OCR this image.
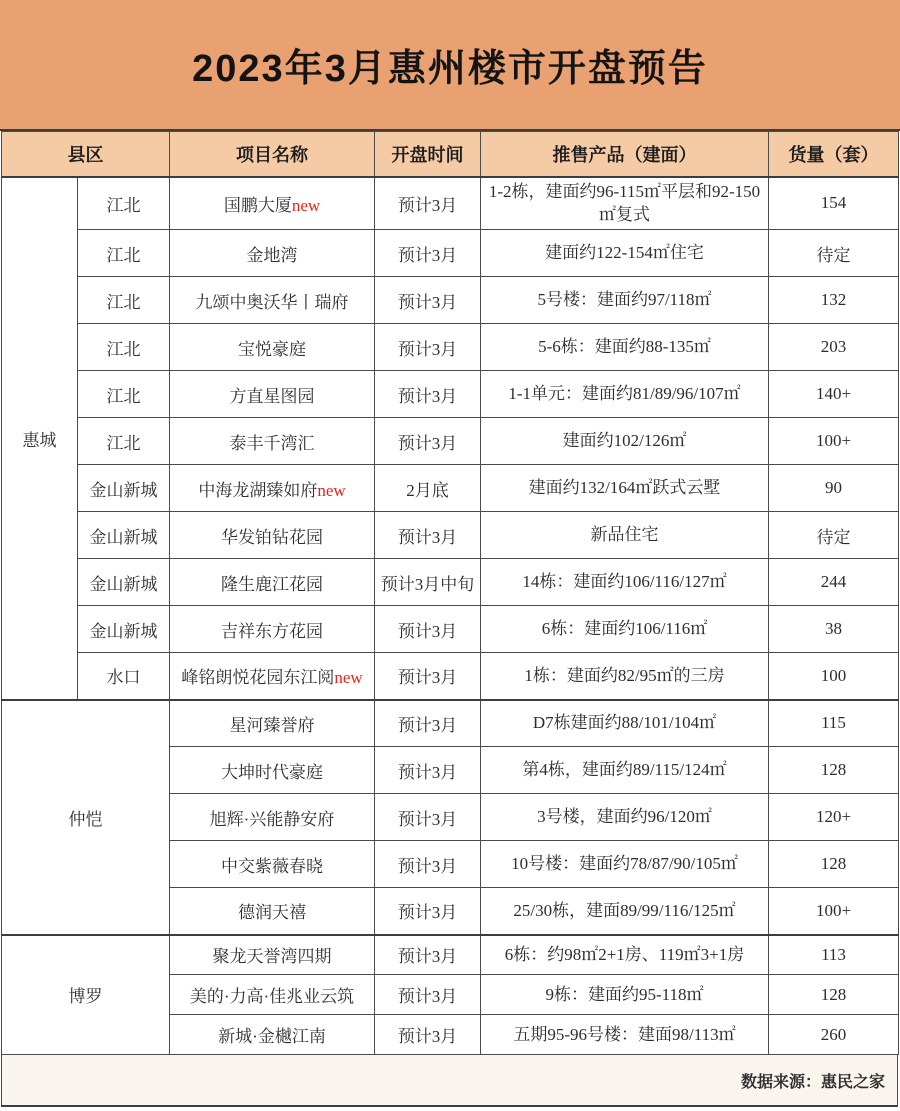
2023年3月惠州楼市开盘预告
县区		项目名称	开盘时间	推售产品（建面）	货量（套）
惠城	江北	国鹏大厦new	预计3月	1-2栋，建面约96-115㎡平层和92-150㎡复式	154
	江北	金地湾	预计3月	建面约122-154㎡住宅	待定
	江北	九颂中奥沃华丨瑞府	预计3月	5号楼：建面约97/118㎡	132
	江北	宝悦豪庭	预计3月	5-6栋：建面约88-135㎡	203
	江北	方直星图园	预计3月	1-1单元：建面约81/89/96/107㎡	140+
	江北	泰丰千湾汇	预计3月	建面约102/126㎡	100+
	金山新城	中海龙湖臻如府new	2月底	建面约132/164㎡跃式云墅	90
	金山新城	华发铂钻花园	预计3月	新品住宅	待定
	金山新城	隆生鹿江花园	预计3月中旬	14栋：建面约106/116/127㎡	244
	金山新城	吉祥东方花园	预计3月	6栋：建面约106/116㎡	38
	水口	峰铭朗悦花园东江阅new	预计3月	1栋：建面约82/95㎡的三房	100
仲恺		星河臻誉府	预计3月	D7栋建面约88/101/104㎡	115
		大坤时代豪庭	预计3月	第4栋，建面约89/115/124㎡	128
		旭辉·兴能静安府	预计3月	3号楼，建面约96/120㎡	120+
		中交紫薇春晓	预计3月	10号楼：建面约78/87/90/105㎡	128
		德润天禧	预计3月	25/30栋，建面89/99/116/125㎡	100+
博罗		聚龙天誉湾四期	预计3月	6栋：约98㎡2+1房、119㎡3+1房	113
		美的·力高·佳兆业云筑	预计3月	9栋：建面约95-118㎡	128
		新城·金樾江南	预计3月	五期95-96号楼：建面98/113㎡	260
数据来源：惠民之家
